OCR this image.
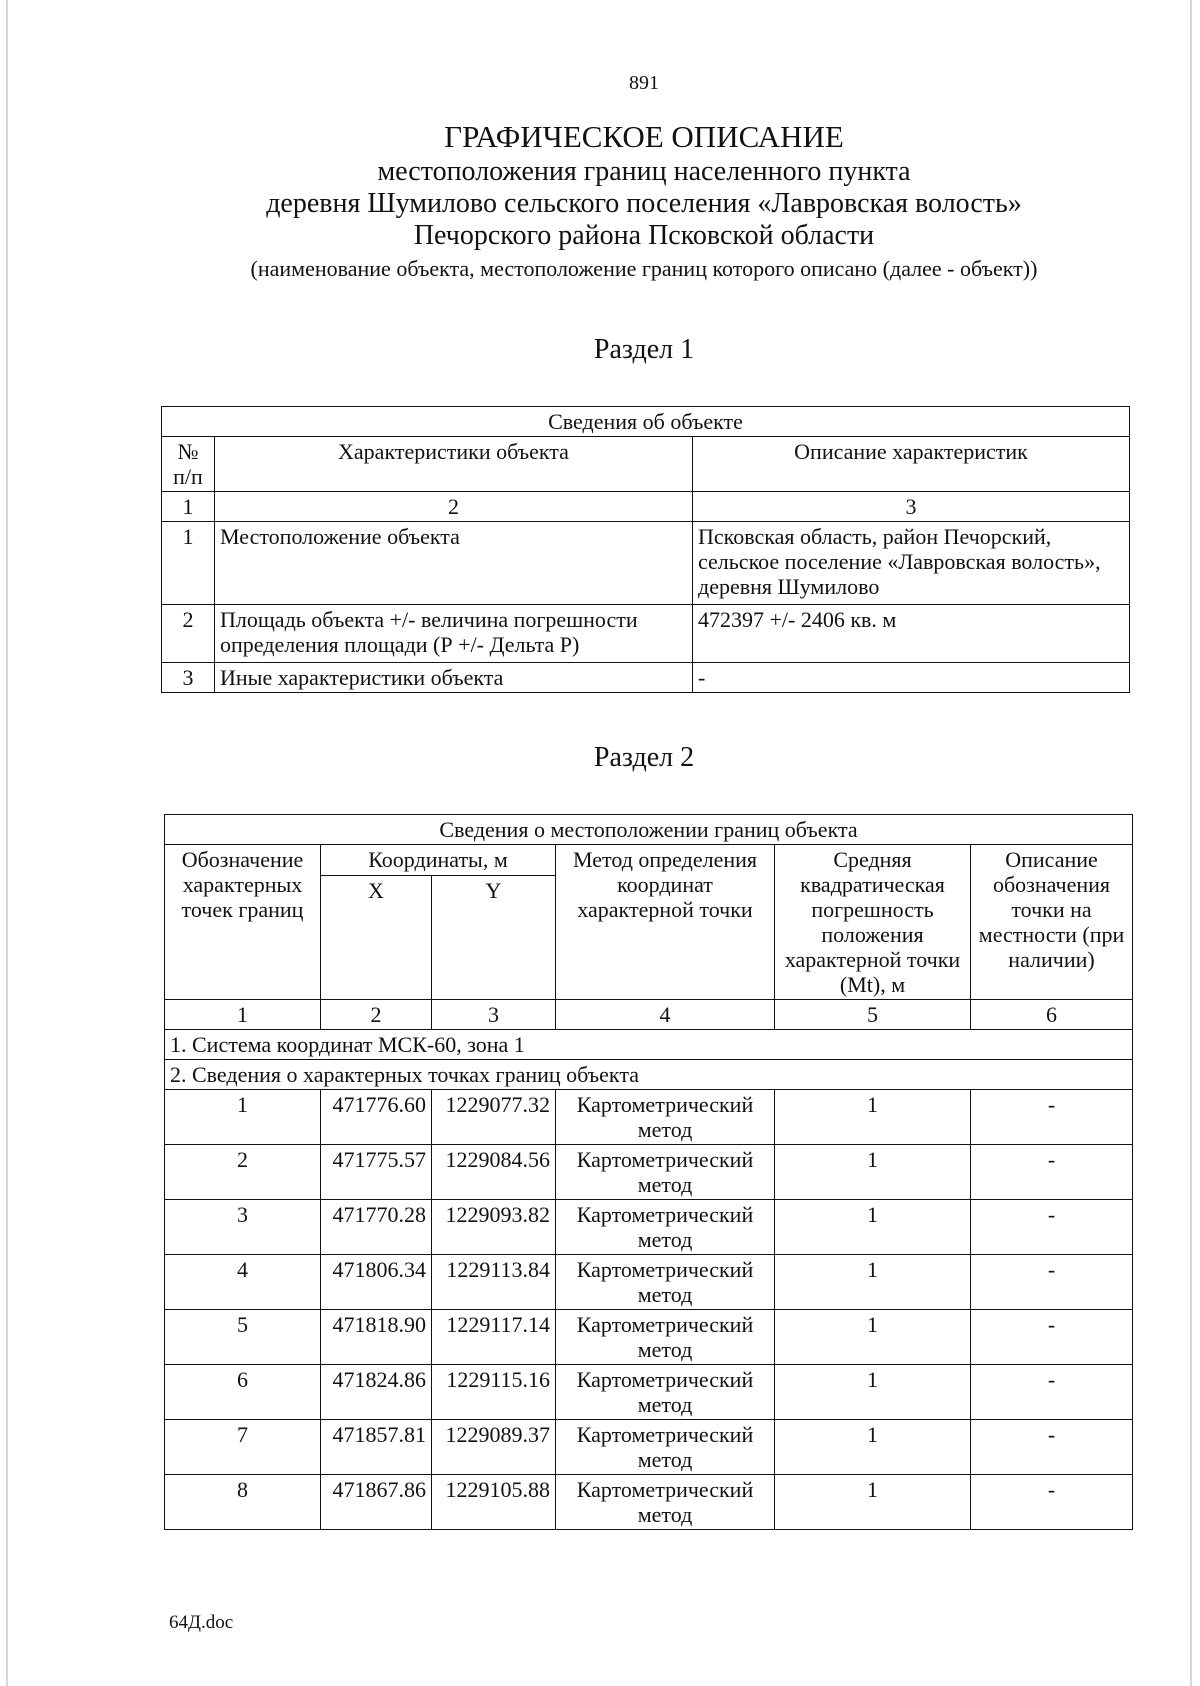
891
ГРАФИЧЕСКОЕ ОПИСАНИЕ
местоположения границ населенного пункта
деревня Шумилово сельского поселения «Лавровская волость»
Печорского района Псковской области
(наименование объекта, местоположение границ которого описано (далее - объект))
Раздел 1
Сведения об объекте		
№ п/п	Характеристики объекта	Описание характеристик
1	2	3
1	Местоположение объекта	Псковская область, район Печорский, сельское поселение «Лавровская волость», деревня Шумилово
2	Площадь объекта +/- величина погрешности определения площади (Р +/- Дельта Р)	472397 +/- 2406 кв. м
3	Иные характеристики объекта	-
Раздел 2
Сведения о местоположении границ объекта					
Обозначение характерных точек границ	Координаты, м		Метод определения координат характерной точки	Средняя квадратическая погрешность положения характерной точки (Mt), м	Описание обозначения точки на местности (при наличии)
	X	Y			
1	2	3	4	5	6
1. Система координат МСК-60, зона 1					
2. Сведения о характерных точках границ объекта					
1	471776.60	1229077.32	Картометрический метод	1	-
2	471775.57	1229084.56	Картометрический метод	1	-
3	471770.28	1229093.82	Картометрический метод	1	-
4	471806.34	1229113.84	Картометрический метод	1	-
5	471818.90	1229117.14	Картометрический метод	1	-
6	471824.86	1229115.16	Картометрический метод	1	-
7	471857.81	1229089.37	Картометрический метод	1	-
8	471867.86	1229105.88	Картометрический метод	1	-
64Д.doc
